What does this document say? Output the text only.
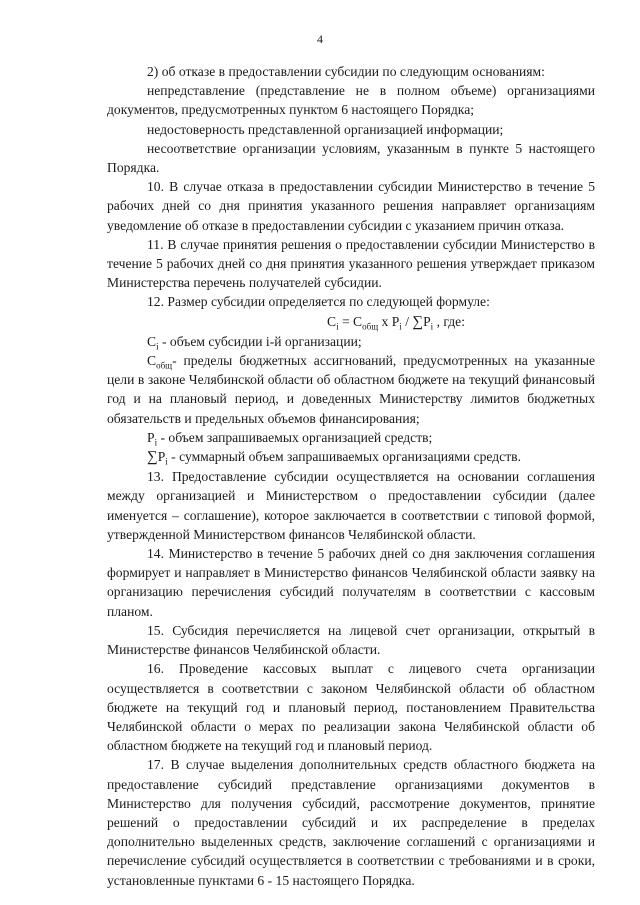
4

2) об отказе в предоставлении субсидии по следующим основаниям:

непредставление (представление не в полном объеме) организациями документов, предусмотренных пунктом 6 настоящего Порядка;

недостоверность представленной организацией информации;

несоответствие организации условиям, указанным в пункте 5 настоящего Порядка.

10. В случае отказа в предоставлении субсидии Министерство в течение 5 рабочих дней со дня принятия указанного решения направляет организациям уведомление об отказе в предоставлении субсидии с указанием причин отказа.

11. В случае принятия решения о предоставлении субсидии Министерство в течение 5 рабочих дней со дня принятия указанного решения утверждает приказом Министерства перечень получателей субсидии.

12. Размер субсидии определяется по следующей формуле:

$C_i = C_{общ}$ x $P_i / \sum P_i$ , где:

$C_i$ - объем субсидии i-й организации;

$C_{общ}-$ пределы бюджетных ассигнований, предусмотренных на указанные цели в законе Челябинской области об областном бюджете на текущий финансовый год и на плановый период, и доведенных Министерству лимитов бюджетных обязательств и предельных объемов финансирования;

$P_i$ - объем запрашиваемых организацией средств;

$\sum P_i$ - суммарный объем запрашиваемых организациями средств.

13. Предоставление субсидии осуществляется на основании соглашения между организацией и Министерством о предоставлении субсидии (далее именуется – соглашение), которое заключается в соответствии с типовой формой, утвержденной Министерством финансов Челябинской области.

14. Министерство в течение 5 рабочих дней со дня заключения соглашения формирует и направляет в Министерство финансов Челябинской области заявку на организацию перечисления субсидий получателям в соответствии с кассовым планом.

15. Субсидия перечисляется на лицевой счет организации, открытый в Министерстве финансов Челябинской области.

16. Проведение кассовых выплат с лицевого счета организации осуществляется в соответствии с законом Челябинской области об областном бюджете на текущий год и плановый период, постановлением Правительства Челябинской области о мерах по реализации закона Челябинской области об областном бюджете на текущий год и плановый период.

17. В случае выделения дополнительных средств областного бюджета на предоставление субсидий представление организациями документов в Министерство для получения субсидий, рассмотрение документов, принятие решений о предоставлении субсидий и их распределение в пределах дополнительно выделенных средств, заключение соглашений с организациями и перечисление субсидий осуществляется в соответствии с требованиями и в сроки, установленные пунктами 6 - 15 настоящего Порядка.
